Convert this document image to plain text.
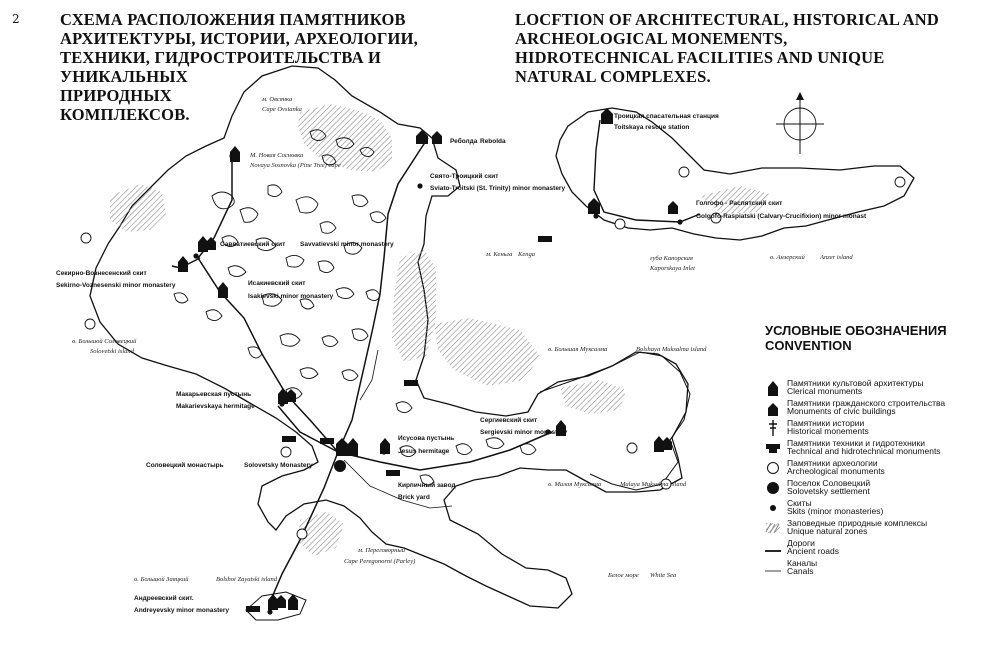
2 СХЕМА РАСПОЛОЖЕНИЯ ПАМЯТНИКОВ
АРХИТЕКТУРЫ, ИСТОРИИ, АРХЕОЛОГИИ,
ТЕХНИКИ, ГИДРОСТРОИТЕЛЬСТВА И
УНИКАЛЬНЫХ
ПРИРОДНЫХ
КОМПЛЕКСОВ.
LOCFTION OF ARCHITECTURAL, HISTORICAL AND
ARCHEOLOGICAL MONEMENTS,
HIDROTECHNICAL FACILITIES AND UNIQUE
NATURAL COMPLEXES.
м. Овсянка
Cape Ovsianka
Реболда Rebolda
М. Новая Сосновка
Novaya Sosnovka (Pine Tree) cape
Свято-Троицкий скит
Sviato-Troitski (St. Trinity) minor monastery
Савватиевский скит Savvatievski minor monastery
Секирно-Вознесенский скит
Sekirno-Voznesenski minor monastery	Исакиевский скит
Isakievski minor monastery
о. Большой Соловецкий
Solovetski island
Макарьевская пустынь
Makarievskaya hermitage
Соловецкий монастырь	Solovetsky Monastery
Исусова пустынь
Jesus hermitage
Кирпичный завод
Brick yard
Сергиевский скит
Sergievski minor monastery
м. Переговорный
Cape Peregonorni (Parley)
о. Большой Заяцкий	Bolshoi Zayatski island
Андреевский скит.
Andreyevsky minor monastery
Белое море White Sea
о. Большая Муксалма	Bolshaya Muksalma island
о. Малая Муксалма	Malaya Muksalma island
Троицкая спасательная станция
Toitskaya rescue station
Голгофо - Распятский скит
Golgofo-Raspiatski (Calvary-Crucifixion) minor monast
м. Кеньга Kenga
губа Капорская
Kaporskaya Inlet
о. Анзерский Anzer island
УСЛОВНЫЕ ОБОЗНАЧЕНИЯ
CONVENTION
Памятники культовой архитектуры
Clerical monuments
Памятники гражданского строительства
Monuments of civic buildings
Памятники истории
Historical monements
Памятники техники и гидротехники
Technical and hidrotechnical monuments
Памятники археологии
Archeological monuments
Поселок Соловецкий
Solovetsky settlement
Скиты
Skits (minor monasteries)
Заповедные природные комплексы
Unique natural zones
Дороги
Ancient roads
Каналы
Canals
